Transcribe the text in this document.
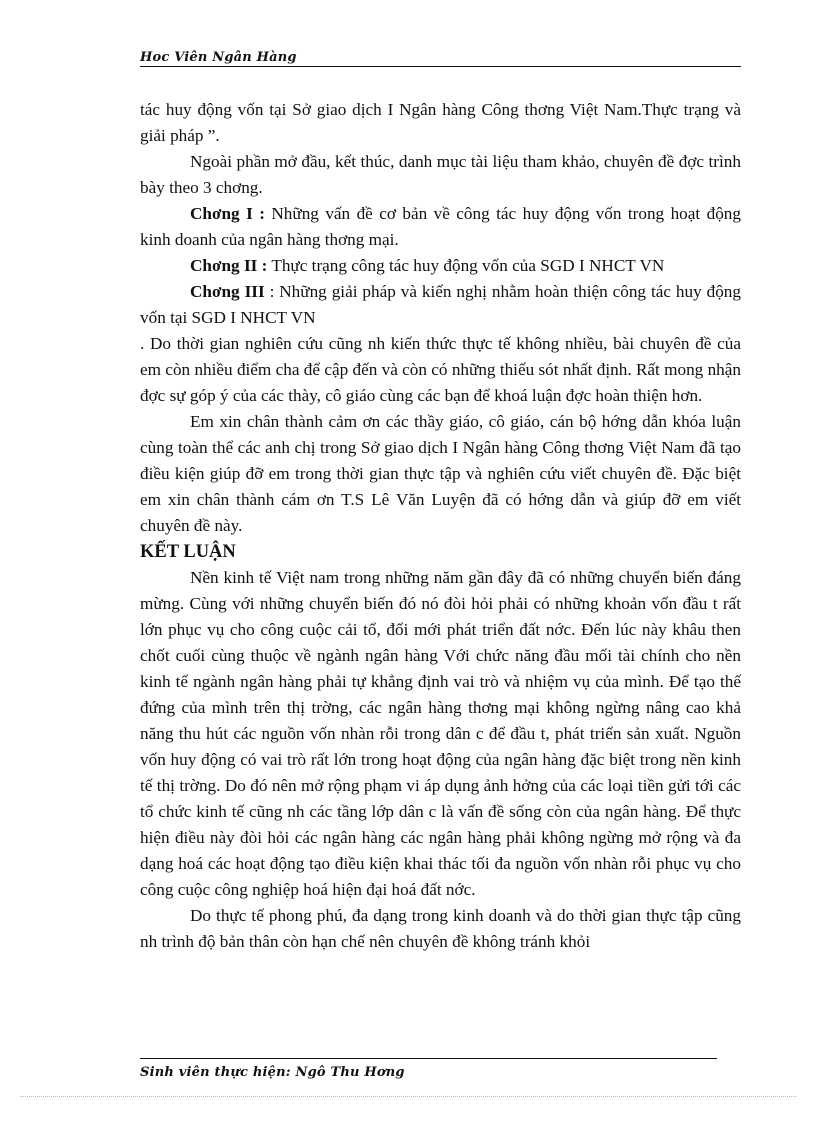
Hoc Viên Ngân Hàng

tác huy động vốn tại Sở giao dịch I Ngân hàng Công thơng Việt Nam.Thực trạng và giải pháp ”.

Ngoài phần mở đầu, kết thúc, danh mục tài liệu tham khảo, chuyên đề đợc trình bày theo 3 chơng.

Chơng I : Những vấn đề cơ bản về công tác huy động vốn trong hoạt động kinh doanh của ngân hàng thơng mại.

Chơng II : Thực trạng công tác huy động vốn của SGD I NHCT VN

Chơng III : Những giải pháp và kiến nghị nhằm hoàn thiện công tác huy động vốn tại SGD I NHCT VN

. Do thời gian nghiên cứu cũng nh kiến thức thực tế không nhiều, bài chuyên đề của em còn nhiều điểm cha để cập đến và còn có những thiếu sót nhất định. Rất mong nhận đợc sự góp ý của các thày, cô giáo cùng các bạn để khoá luận đợc hoàn thiện hơn.

Em xin chân thành cảm ơn các thầy giáo, cô giáo, cán bộ hớng dẫn khóa luận cùng toàn thể các anh chị trong Sở giao dịch I Ngân hàng Công thơng Việt Nam đã tạo điều kiện giúp đỡ em trong thời gian thực tập và nghiên cứu viết chuyên đề. Đặc biệt em xin chân thành cám ơn T.S Lê Văn Luyện đã có hớng dẫn và giúp đỡ em viết chuyên đề này.

KẾT LUẬN

Nền kinh tế Việt nam trong những năm gần đây đã có những chuyển biến đáng mừng. Cùng với những chuyển biến đó nó đòi hỏi phải có những khoản vốn đầu t rất lớn phục vụ cho công cuộc cải tổ, đổi mới phát triển đất nớc. Đến lúc này khâu then chốt cuối cùng thuộc về ngành ngân hàng Với chức năng đầu mối tài chính cho nền kinh tế ngành ngân hàng phải tự khẳng định vai trò và nhiệm vụ của mình. Để tạo thế đứng của mình trên thị trờng, các ngân hàng thơng mại không ngừng nâng cao khả năng thu hút các nguồn vốn nhàn rỗi trong dân c để đầu t, phát triển sản xuất. Nguồn vốn huy động có vai trò rất lớn trong hoạt động của ngân hàng đặc biệt trong nền kinh tế thị trờng. Do đó nên mở rộng phạm vi áp dụng ảnh hởng của các loại tiền gửi tới các tổ chức kinh tế cũng nh các tầng lớp dân c là vấn đề sống còn của ngân hàng. Để thực hiện điều này đòi hỏi các ngân hàng các ngân hàng phải không ngừng mở rộng và đa dạng hoá các hoạt động tạo điều kiện khai thác tối đa nguồn vốn nhàn rỗi phục vụ cho công cuộc công nghiệp hoá hiện đại hoá đất nớc.

Do thực tế phong phú, đa dạng trong kinh doanh và do thời gian thực tập cũng nh trình độ bản thân còn hạn chế nên chuyên đề không tránh khỏi

Sinh viên thực hiện: Ngô Thu Hơng
